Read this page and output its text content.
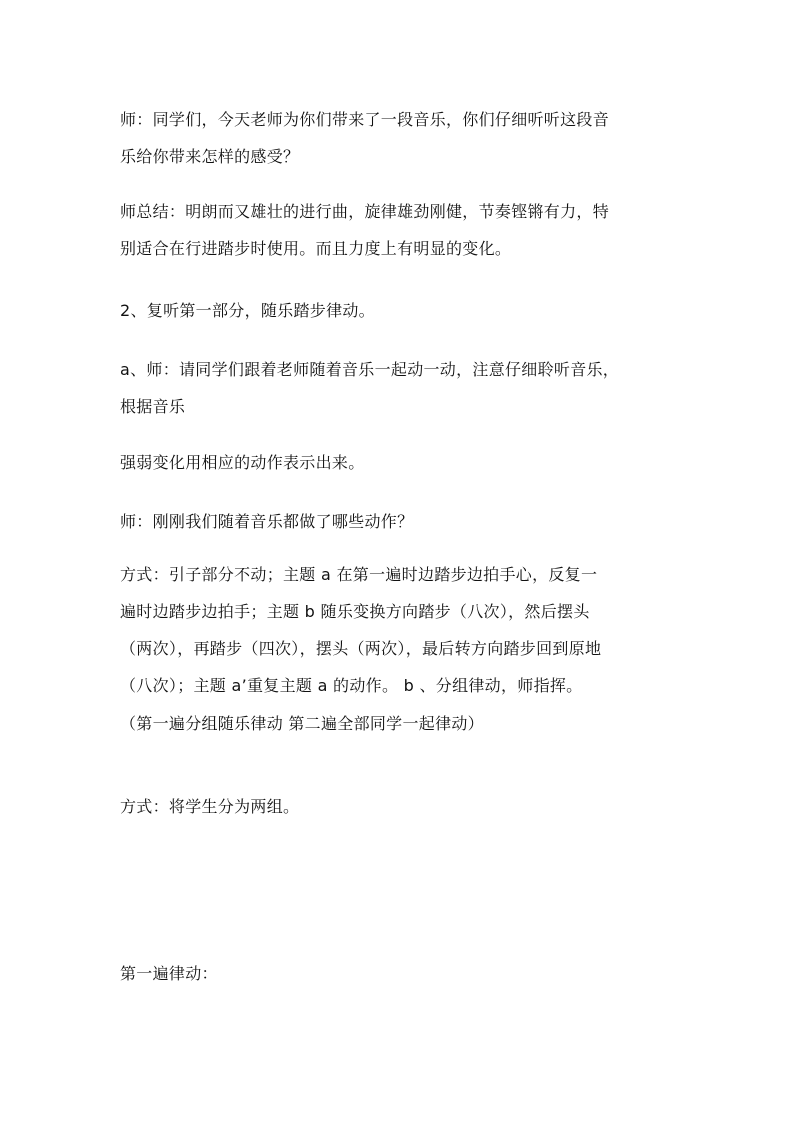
师：同学们，今天老师为你们带来了一段音乐，你们仔细听听这段音
乐给你带来怎样的感受？
师总结：明朗而又雄壮的进行曲，旋律雄劲刚健，节奏铿锵有力，特
别适合在行进踏步时使用。而且力度上有明显的变化。
2、复听第一部分，随乐踏步律动。
a、师：请同学们跟着老师随着音乐一起动一动，注意仔细聆听音乐，
根据音乐
强弱变化用相应的动作表示出来。
师：刚刚我们随着音乐都做了哪些动作？
方式：引子部分不动；主题 a 在第一遍时边踏步边拍手心，反复一
遍时边踏步边拍手；主题 b 随乐变换方向踏步（八次），然后摆头
（两次），再踏步（四次），摆头（两次），最后转方向踏步回到原地
（八次）；主题 a’重复主题 a 的动作。 b 、分组律动，师指挥。
（第一遍分组随乐律动 第二遍全部同学一起律动）
方式：将学生分为两组。
第一遍律动：
